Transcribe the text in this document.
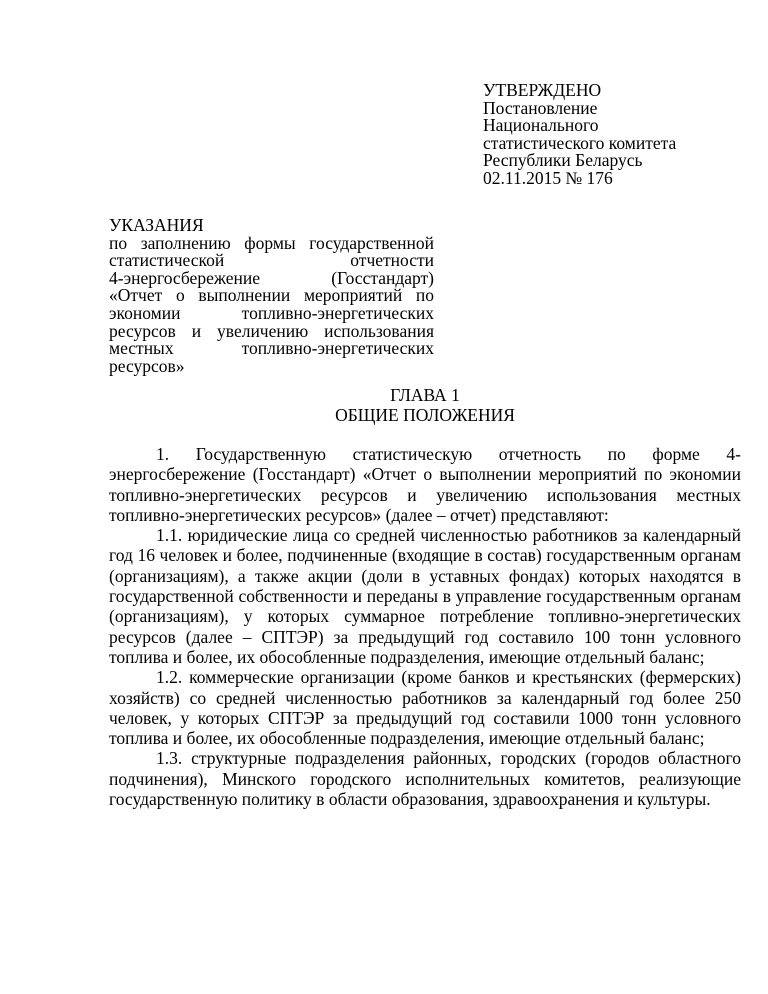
УТВЕРЖДЕНО
Постановление
Национального
статистического комитета
Республики Беларусь
02.11.2015 № 176
УКАЗАНИЯ
по заполнению формы государственной
статистической отчетности
4-энергосбережение (Госстандарт)
«Отчет о выполнении мероприятий по
экономии топливно-энергетических
ресурсов и увеличению использования
местных топливно-энергетических
ресурсов»
ГЛАВА 1
ОБЩИЕ ПОЛОЖЕНИЯ

1. Государственную статистическую отчетность по форме 4-энергосбережение (Госстандарт) «Отчет о выполнении мероприятий по экономии топливно-энергетических ресурсов и увеличению использования местных топливно-энергетических ресурсов» (далее – отчет) представляют:

1.1. юридические лица со средней численностью работников за календарный год 16 человек и более, подчиненные (входящие в состав) государственным органам (организациям), а также акции (доли в уставных фондах) которых находятся в государственной собственности и переданы в управление государственным органам (организациям), у которых суммарное потребление топливно-энергетических ресурсов (далее – СПТЭР) за предыдущий год составило 100 тонн условного топлива и более, их обособленные подразделения, имеющие отдельный баланс;

1.2. коммерческие организации (кроме банков и крестьянских (фермерских) хозяйств) со средней численностью работников за календарный год более 250 человек, у которых СПТЭР за предыдущий год составили 1000 тонн условного топлива и более, их обособленные подразделения, имеющие отдельный баланс;

1.3. структурные подразделения районных, городских (городов областного подчинения), Минского городского исполнительных комитетов, реализующие государственную политику в области образования, здравоохранения и культуры.
